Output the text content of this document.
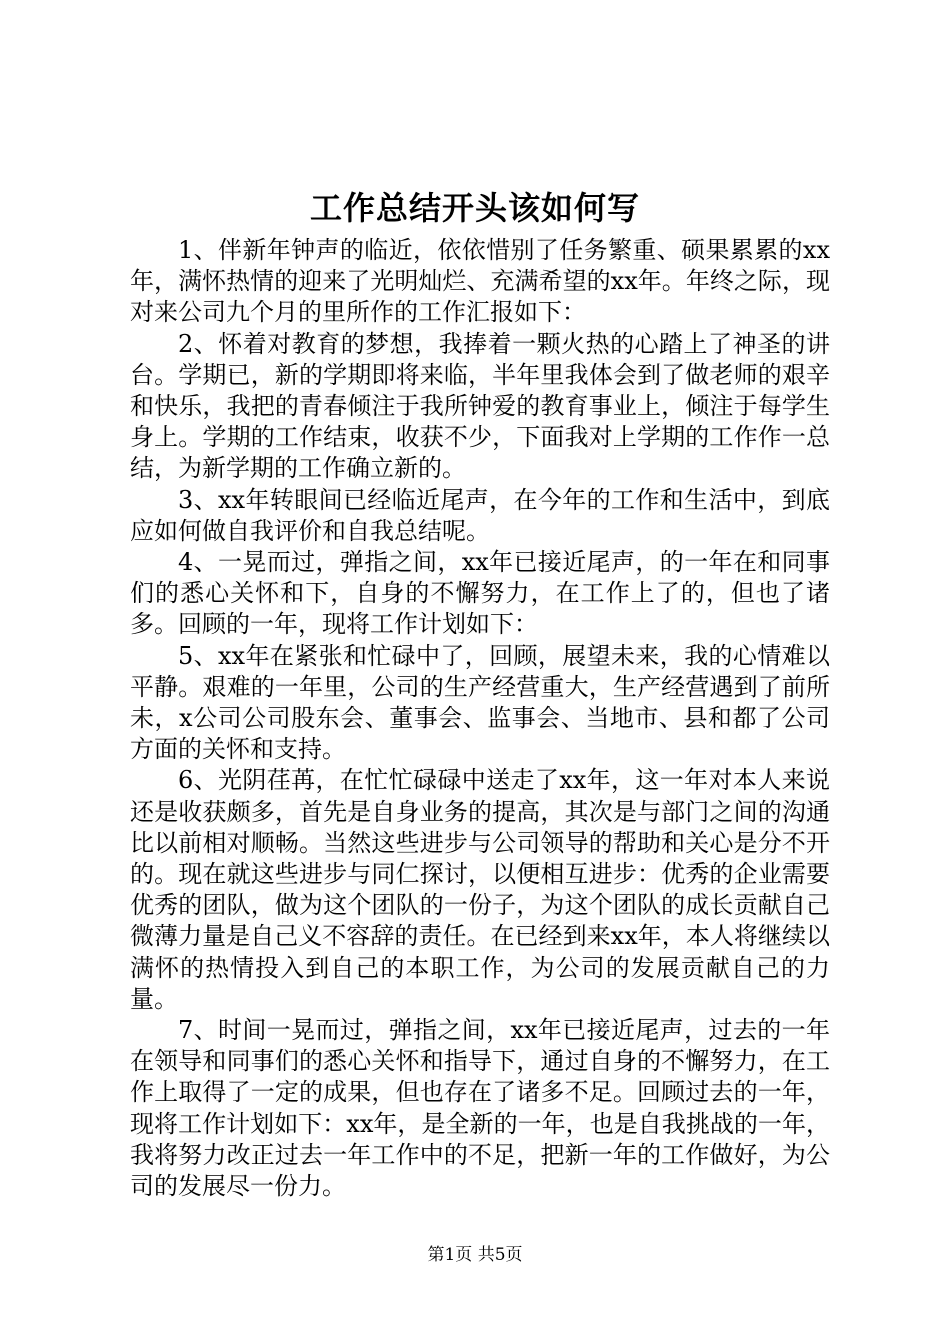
工作总结开头该如何写

1、伴新年钟声的临近，依依惜别了任务繁重、硕果累累的xx年，满怀热情的迎来了光明灿烂、充满希望的xx年。年终之际，现对来公司九个月的里所作的工作汇报如下：

2、怀着对教育的梦想，我捧着一颗火热的心踏上了神圣的讲台。学期已，新的学期即将来临，半年里我体会到了做老师的艰辛和快乐，我把的青春倾注于我所钟爱的教育事业上，倾注于每学生身上。学期的工作结束，收获不少，下面我对上学期的工作作一总结，为新学期的工作确立新的。

3、xx年转眼间已经临近尾声，在今年的工作和生活中，到底应如何做自我评价和自我总结呢。

4、一晃而过，弹指之间，xx年已接近尾声，的一年在和同事们的悉心关怀和下，自身的不懈努力，在工作上了的，但也了诸多。回顾的一年，现将工作计划如下：

5、xx年在紧张和忙碌中了，回顾，展望未来，我的心情难以平静。艰难的一年里，公司的生产经营重大，生产经营遇到了前所未，x公司公司股东会、董事会、监事会、当地市、县和都了公司方面的关怀和支持。

6、光阴荏苒，在忙忙碌碌中送走了xx年，这一年对本人来说还是收获颇多，首先是自身业务的提高，其次是与部门之间的沟通比以前相对顺畅。当然这些进步与公司领导的帮助和关心是分不开的。现在就这些进步与同仁探讨，以便相互进步：优秀的企业需要优秀的团队，做为这个团队的一份子，为这个团队的成长贡献自己微薄力量是自己义不容辞的责任。在已经到来xx年，本人将继续以满怀的热情投入到自己的本职工作，为公司的发展贡献自己的力量。

7、时间一晃而过，弹指之间，xx年已接近尾声，过去的一年在领导和同事们的悉心关怀和指导下，通过自身的不懈努力，在工作上取得了一定的成果，但也存在了诸多不足。回顾过去的一年，现将工作计划如下：xx年，是全新的一年，也是自我挑战的一年，我将努力改正过去一年工作中的不足，把新一年的工作做好，为公司的发展尽一份力。

第1页 共5页
